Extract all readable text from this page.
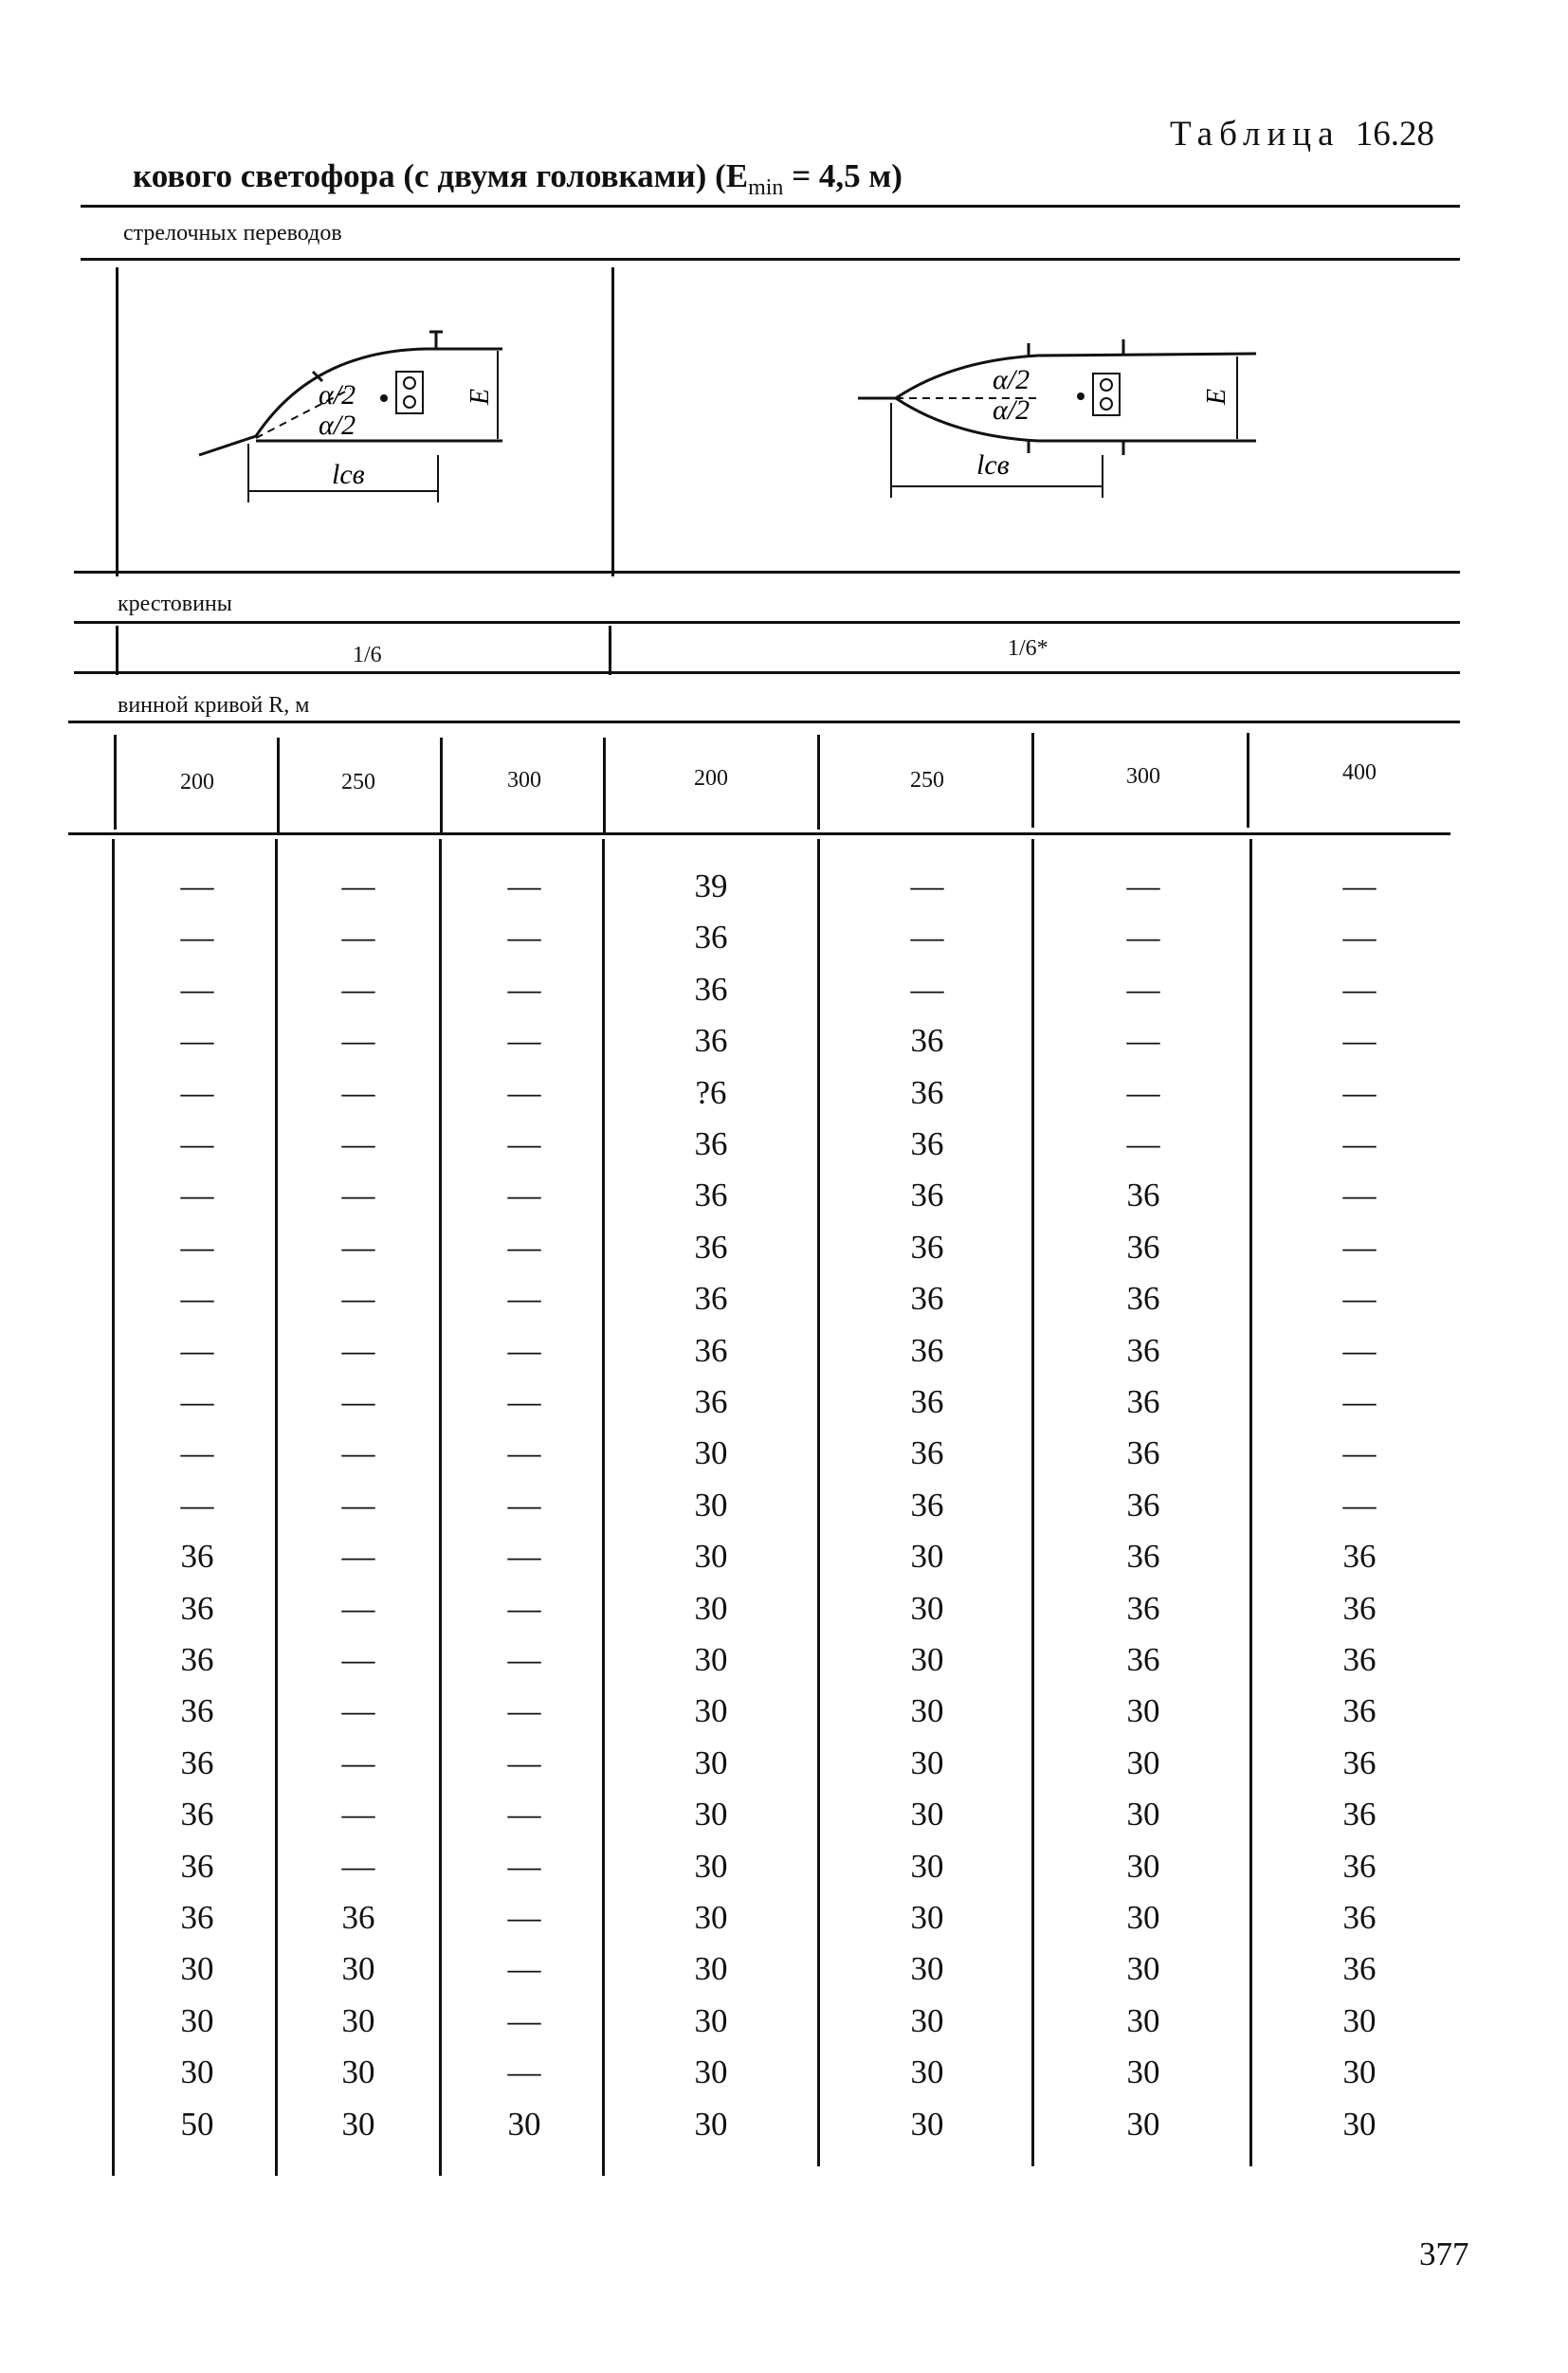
Таблица 16.28
кового светофора (с двумя головками) ($E_{min} = 4,5$ м)
стрелочных переводов
α/2
α/2
E
lсв
α/2
α/2	E
lсв
крестовины
1/6	1/6*
винной кривой R, м
200	250	300	200	250	300	400
—	—	—	39	—	—	—
—	—	—	36	—	—	—
—	—	—	36	—	—	—
—	—	—	36	36	—	—
—	—	—	?6	36	—	—
—	—	—	36	36	—	—
—	—	—	36	36	36	—
—	—	—	36	36	36	—
—	—	—	36	36	36	—
—	—	—	36	36	36	—
—	—	—	36	36	36	—
—	—	—	30	36	36	—
—	—	—	30	36	36	—
36	—	—	30	30	36	36
36	—	—	30	30	36	36
36	—	—	30	30	36	36
36	—	—	30	30	30	36
36	—	—	30	30	30	36
36	—	—	30	30	30	36
36	—	—	30	30	30	36
36	36	—	30	30	30	36
30	30	—	30	30	30	36
30	30	—	30	30	30	30
30	30	—	30	30	30	30
50	30	30	30	30	30	30
377
